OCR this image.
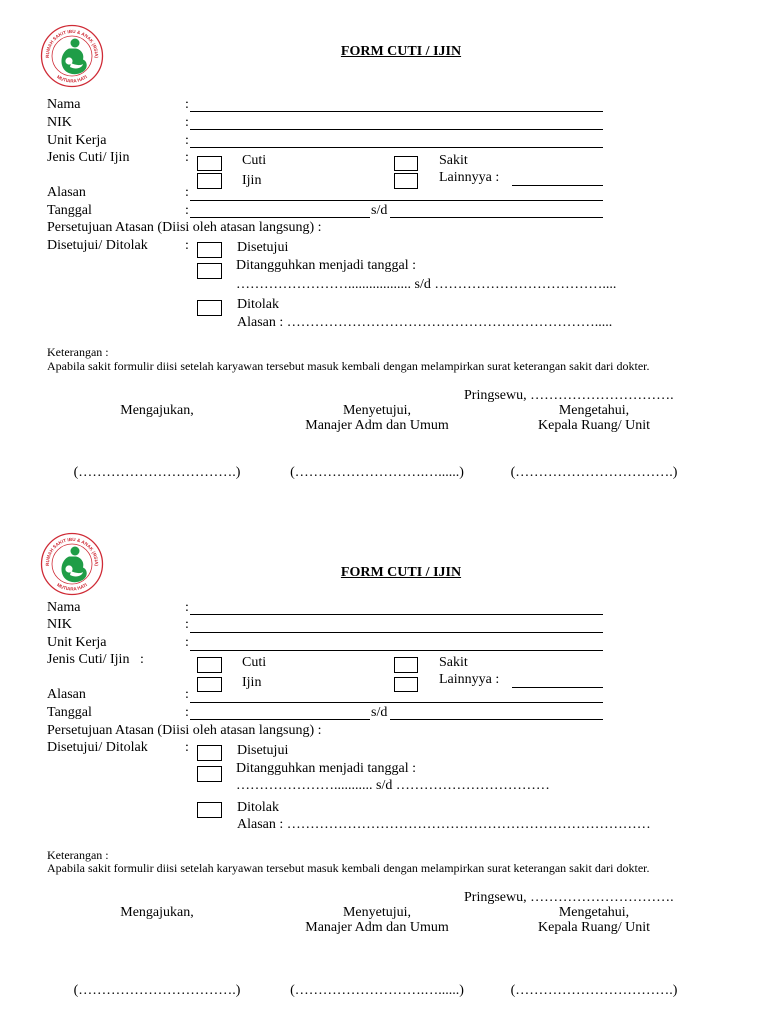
RUMAH SAKIT IBU & ANAK (RSIA)
MUTIARA HATI
FORM CUTI / IJIN
Nama	:
NIK	:
Unit Kerja	:
Jenis Cuti/ Ijin	:	Cuti
Ijin
Sakit
Lainnyya :
Alasan	:
Tanggal	:	s/d
Persetujuan Atasan (Diisi oleh atasan langsung) :
Disetujui/ Ditolak	:	Disetujui
Ditangguhkan menjadi tanggal :
…………………….................. s/d ………………………………....
Ditolak
Alasan : ………………………………………………………….....
Keterangan :
Apabila sakit formulir diisi setelah karyawan tersebut masuk kembali dengan melampirkan surat keterangan sakit dari dokter.
Pringsewu, ………………………….
Mengajukan,	Menyetujui,
Manajer Adm dan Umum
Mengetahui,
Kepala Ruang/ Unit
(…………………………….)	(……………………….…......)	(…………………………….)
RUMAH SAKIT IBU & ANAK (RSIA)
MUTIARA HATI
FORM CUTI / IJIN
Nama	:
NIK	:
Unit Kerja	:
Jenis Cuti/ Ijin :	Cuti
Ijin
Sakit
Lainnyya :
Alasan	:
Tanggal	:	s/d
Persetujuan Atasan (Diisi oleh atasan langsung) :
Disetujui/ Ditolak	:	Disetujui
Ditangguhkan menjadi tanggal :
…………………........... s/d ……………………………
Ditolak
Alasan : ……………………………………………………………………
Keterangan :
Apabila sakit formulir diisi setelah karyawan tersebut masuk kembali dengan melampirkan surat keterangan sakit dari dokter.
Pringsewu, ………………………….
Mengajukan,	Menyetujui,
Manajer Adm dan Umum
Mengetahui,
Kepala Ruang/ Unit
(…………………………….)	(……………………….…......)	(…………………………….)
